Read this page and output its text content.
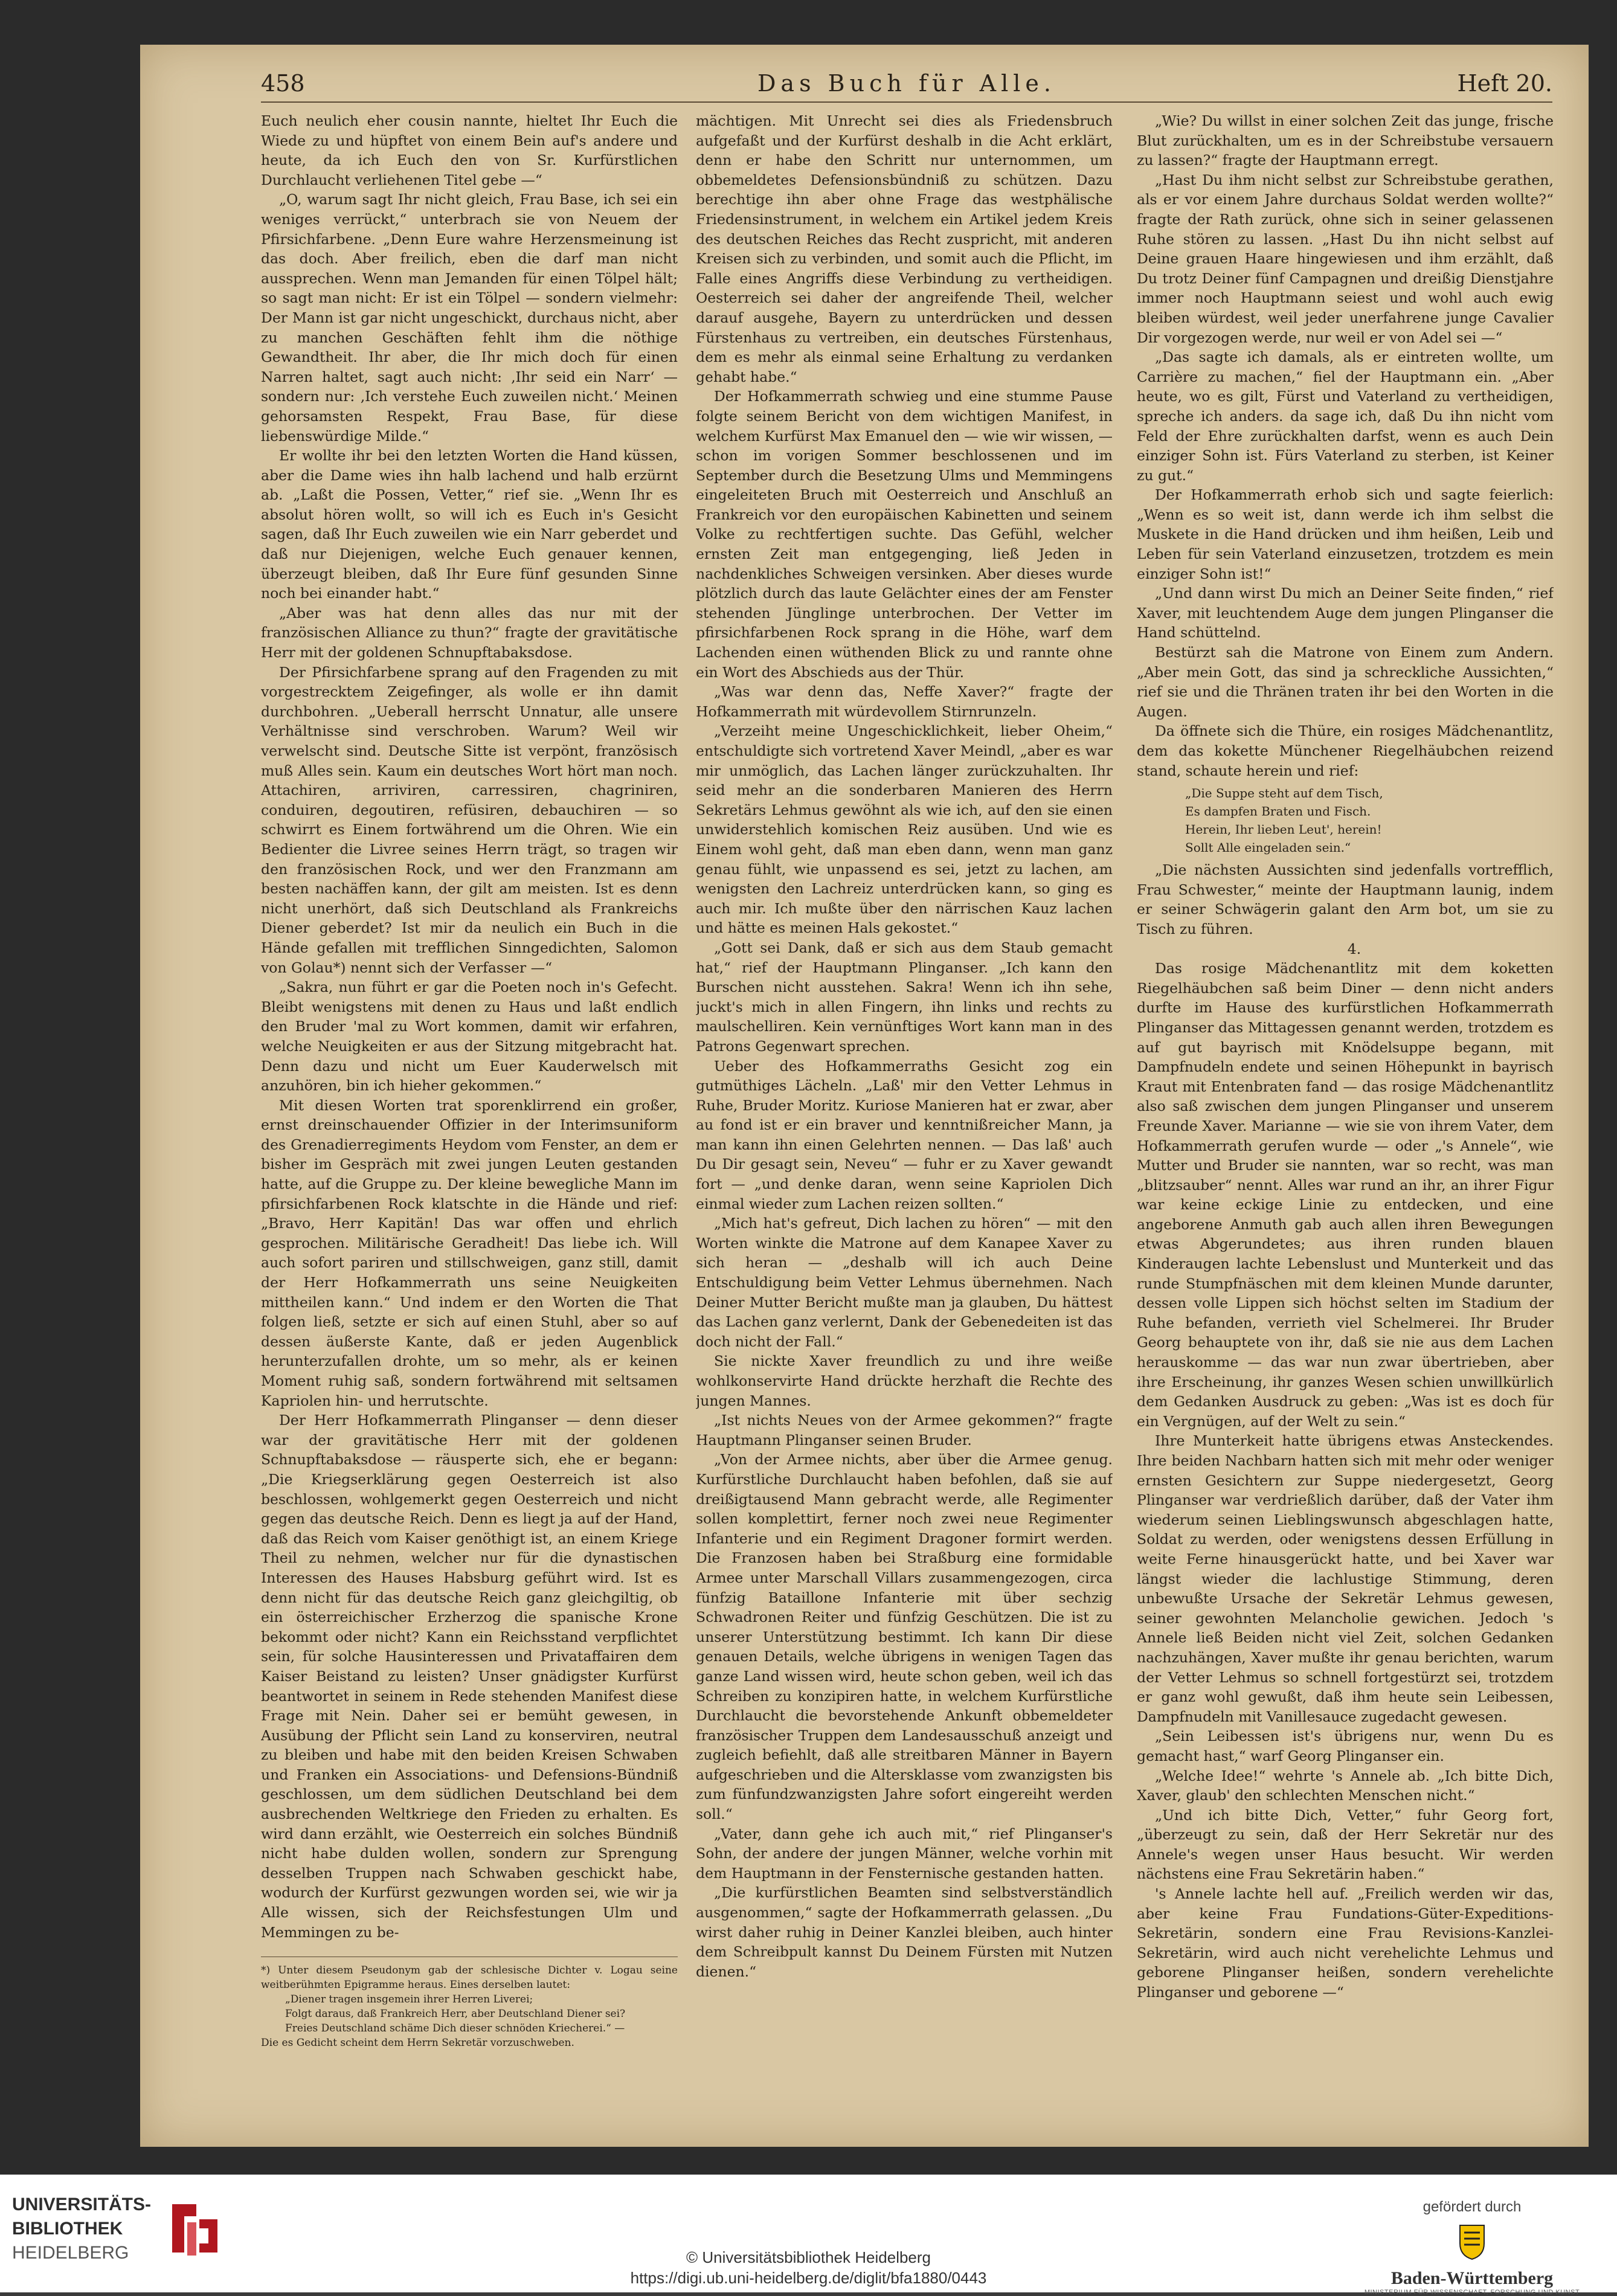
458	Das Buch für Alle.	Heft 20.

Euch neulich eher cousin nannte, hieltet Ihr Euch die Wiede zu und hüpftet von einem Bein auf's andere und heute, da ich Euch den von Sr. Kurfürstlichen Durchlaucht verliehenen Titel gebe —“

„O, warum sagt Ihr nicht gleich, Frau Base, ich sei ein weniges verrückt,“ unterbrach sie von Neuem der Pfirsichfarbene. „Denn Eure wahre Herzensmeinung ist das doch. Aber freilich, eben die darf man nicht aussprechen. Wenn man Jemanden für einen Tölpel hält; so sagt man nicht: Er ist ein Tölpel — sondern vielmehr: Der Mann ist gar nicht ungeschickt, durchaus nicht, aber zu manchen Geschäften fehlt ihm die nöthige Gewandtheit. Ihr aber, die Ihr mich doch für einen Narren haltet, sagt auch nicht: ‚Ihr seid ein Narr‘ — sondern nur: ‚Ich verstehe Euch zuweilen nicht.‘ Meinen gehorsamsten Respekt, Frau Base, für diese liebenswürdige Milde.“

Er wollte ihr bei den letzten Worten die Hand küssen, aber die Dame wies ihn halb lachend und halb erzürnt ab. „Laßt die Possen, Vetter,“ rief sie. „Wenn Ihr es absolut hören wollt, so will ich es Euch in's Gesicht sagen, daß Ihr Euch zuweilen wie ein Narr geberdet und daß nur Diejenigen, welche Euch genauer kennen, überzeugt bleiben, daß Ihr Eure fünf gesunden Sinne noch bei einander habt.“

„Aber was hat denn alles das nur mit der französischen Alliance zu thun?“ fragte der gravitätische Herr mit der goldenen Schnupftabaksdose.

Der Pfirsichfarbene sprang auf den Fragenden zu mit vorgestrecktem Zeigefinger, als wolle er ihn damit durchbohren. „Ueberall herrscht Unnatur, alle unsere Verhältnisse sind verschroben. Warum? Weil wir verwelscht sind. Deutsche Sitte ist verpönt, französisch muß Alles sein. Kaum ein deutsches Wort hört man noch. Attachiren, arriviren, carressiren, chagriniren, conduiren, degoutiren, refüsiren, debauchiren — so schwirrt es Einem fortwährend um die Ohren. Wie ein Bedienter die Livree seines Herrn trägt, so tragen wir den französischen Rock, und wer den Franzmann am besten nachäffen kann, der gilt am meisten. Ist es denn nicht unerhört, daß sich Deutschland als Frankreichs Diener geberdet? Ist mir da neulich ein Buch in die Hände gefallen mit trefflichen Sinngedichten, Salomon von Golau*) nennt sich der Verfasser —“

„Sakra, nun führt er gar die Poeten noch in's Gefecht. Bleibt wenigstens mit denen zu Haus und laßt endlich den Bruder 'mal zu Wort kommen, damit wir erfahren, welche Neuigkeiten er aus der Sitzung mitgebracht hat. Denn dazu und nicht um Euer Kauderwelsch mit anzuhören, bin ich hieher gekommen.“

Mit diesen Worten trat sporenklirrend ein großer, ernst dreinschauender Offizier in der Interimsuniform des Grenadierregiments Heydom vom Fenster, an dem er bisher im Gespräch mit zwei jungen Leuten gestanden hatte, auf die Gruppe zu. Der kleine bewegliche Mann im pfirsichfarbenen Rock klatschte in die Hände und rief: „Bravo, Herr Kapitän! Das war offen und ehrlich gesprochen. Militärische Geradheit! Das liebe ich. Will auch sofort pariren und stillschweigen, ganz still, damit der Herr Hofkammerrath uns seine Neuigkeiten mittheilen kann.“ Und indem er den Worten die That folgen ließ, setzte er sich auf einen Stuhl, aber so auf dessen äußerste Kante, daß er jeden Augenblick herunterzufallen drohte, um so mehr, als er keinen Moment ruhig saß, sondern fortwährend mit seltsamen Kapriolen hin- und herrutschte.

Der Herr Hofkammerrath Plinganser — denn dieser war der gravitätische Herr mit der goldenen Schnupftabaksdose — räusperte sich, ehe er begann: „Die Kriegserklärung gegen Oesterreich ist also beschlossen, wohlgemerkt gegen Oesterreich und nicht gegen das deutsche Reich. Denn es liegt ja auf der Hand, daß das Reich vom Kaiser genöthigt ist, an einem Kriege Theil zu nehmen, welcher nur für die dynastischen Interessen des Hauses Habsburg geführt wird. Ist es denn nicht für das deutsche Reich ganz gleichgiltig, ob ein österreichischer Erzherzog die spanische Krone bekommt oder nicht? Kann ein Reichsstand verpflichtet sein, für solche Hausinteressen und Privataffairen dem Kaiser Beistand zu leisten? Unser gnädigster Kurfürst beantwortet in seinem in Rede stehenden Manifest diese Frage mit Nein. Daher sei er bemüht gewesen, in Ausübung der Pflicht sein Land zu konserviren, neutral zu bleiben und habe mit den beiden Kreisen Schwaben und Franken ein Associations- und Defensions-Bündniß geschlossen, um dem südlichen Deutschland bei dem ausbrechenden Weltkriege den Frieden zu erhalten. Es wird dann erzählt, wie Oesterreich ein solches Bündniß nicht habe dulden wollen, sondern zur Sprengung desselben Truppen nach Schwaben geschickt habe, wodurch der Kurfürst gezwungen worden sei, wie wir ja Alle wissen, sich der Reichsfestungen Ulm und Memmingen zu be-

*) Unter diesem Pseudonym gab der schlesische Dichter v. Logau seine weitberühmten Epigramme heraus. Eines derselben lautet:
„Diener tragen insgemein ihrer Herren Liverei;
Folgt daraus, daß Frankreich Herr, aber Deutschland Diener sei?
Freies Deutschland schäme Dich dieser schnöden Kriecherei.“ —
Die es Gedicht scheint dem Herrn Sekretär vorzuschweben.

mächtigen. Mit Unrecht sei dies als Friedensbruch aufgefaßt und der Kurfürst deshalb in die Acht erklärt, denn er habe den Schritt nur unternommen, um obbemeldetes Defensionsbündniß zu schützen. Dazu berechtige ihn aber ohne Frage das westphälische Friedensinstrument, in welchem ein Artikel jedem Kreis des deutschen Reiches das Recht zuspricht, mit anderen Kreisen sich zu verbinden, und somit auch die Pflicht, im Falle eines Angriffs diese Verbindung zu vertheidigen. Oesterreich sei daher der angreifende Theil, welcher darauf ausgehe, Bayern zu unterdrücken und dessen Fürstenhaus zu vertreiben, ein deutsches Fürstenhaus, dem es mehr als einmal seine Erhaltung zu verdanken gehabt habe.“

Der Hofkammerrath schwieg und eine stumme Pause folgte seinem Bericht von dem wichtigen Manifest, in welchem Kurfürst Max Emanuel den — wie wir wissen, — schon im vorigen Sommer beschlossenen und im September durch die Besetzung Ulms und Memmingens eingeleiteten Bruch mit Oesterreich und Anschluß an Frankreich vor den europäischen Kabinetten und seinem Volke zu rechtfertigen suchte. Das Gefühl, welcher ernsten Zeit man entgegenging, ließ Jeden in nachdenkliches Schweigen versinken. Aber dieses wurde plötzlich durch das laute Gelächter eines der am Fenster stehenden Jünglinge unterbrochen. Der Vetter im pfirsichfarbenen Rock sprang in die Höhe, warf dem Lachenden einen wüthenden Blick zu und rannte ohne ein Wort des Abschieds aus der Thür.

„Was war denn das, Neffe Xaver?“ fragte der Hofkammerrath mit würdevollem Stirnrunzeln.

„Verzeiht meine Ungeschicklichkeit, lieber Oheim,“ entschuldigte sich vortretend Xaver Meindl, „aber es war mir unmöglich, das Lachen länger zurückzuhalten. Ihr seid mehr an die sonderbaren Manieren des Herrn Sekretärs Lehmus gewöhnt als wie ich, auf den sie einen unwiderstehlich komischen Reiz ausüben. Und wie es Einem wohl geht, daß man eben dann, wenn man ganz genau fühlt, wie unpassend es sei, jetzt zu lachen, am wenigsten den Lachreiz unterdrücken kann, so ging es auch mir. Ich mußte über den närrischen Kauz lachen und hätte es meinen Hals gekostet.“

„Gott sei Dank, daß er sich aus dem Staub gemacht hat,“ rief der Hauptmann Plinganser. „Ich kann den Burschen nicht ausstehen. Sakra! Wenn ich ihn sehe, juckt's mich in allen Fingern, ihn links und rechts zu maulschelliren. Kein vernünftiges Wort kann man in des Patrons Gegenwart sprechen.

Ueber des Hofkammerraths Gesicht zog ein gutmüthiges Lächeln. „Laß' mir den Vetter Lehmus in Ruhe, Bruder Moritz. Kuriose Manieren hat er zwar, aber au fond ist er ein braver und kenntnißreicher Mann, ja man kann ihn einen Gelehrten nennen. — Das laß' auch Du Dir gesagt sein, Neveu“ — fuhr er zu Xaver gewandt fort — „und denke daran, wenn seine Kapriolen Dich einmal wieder zum Lachen reizen sollten.“

„Mich hat's gefreut, Dich lachen zu hören“ — mit den Worten winkte die Matrone auf dem Kanapee Xaver zu sich heran — „deshalb will ich auch Deine Entschuldigung beim Vetter Lehmus übernehmen. Nach Deiner Mutter Bericht mußte man ja glauben, Du hättest das Lachen ganz verlernt, Dank der Gebenedeiten ist das doch nicht der Fall.“

Sie nickte Xaver freundlich zu und ihre weiße wohlkonservirte Hand drückte herzhaft die Rechte des jungen Mannes.

„Ist nichts Neues von der Armee gekommen?“ fragte Hauptmann Plinganser seinen Bruder.

„Von der Armee nichts, aber über die Armee genug. Kurfürstliche Durchlaucht haben befohlen, daß sie auf dreißigtausend Mann gebracht werde, alle Regimenter sollen komplettirt, ferner noch zwei neue Regimenter Infanterie und ein Regiment Dragoner formirt werden. Die Franzosen haben bei Straßburg eine formidable Armee unter Marschall Villars zusammengezogen, circa fünfzig Bataillone Infanterie mit über sechzig Schwadronen Reiter und fünfzig Geschützen. Die ist zu unserer Unterstützung bestimmt. Ich kann Dir diese genauen Details, welche übrigens in wenigen Tagen das ganze Land wissen wird, heute schon geben, weil ich das Schreiben zu konzipiren hatte, in welchem Kurfürstliche Durchlaucht die bevorstehende Ankunft obbemeldeter französischer Truppen dem Landesausschuß anzeigt und zugleich befiehlt, daß alle streitbaren Männer in Bayern aufgeschrieben und die Altersklasse vom zwanzigsten bis zum fünfundzwanzigsten Jahre sofort eingereiht werden soll.“

„Vater, dann gehe ich auch mit,“ rief Plinganser's Sohn, der andere der jungen Männer, welche vorhin mit dem Hauptmann in der Fensternische gestanden hatten.

„Die kurfürstlichen Beamten sind selbstverständlich ausgenommen,“ sagte der Hofkammerrath gelassen. „Du wirst daher ruhig in Deiner Kanzlei bleiben, auch hinter dem Schreibpult kannst Du Deinem Fürsten mit Nutzen dienen.“

„Wie? Du willst in einer solchen Zeit das junge, frische Blut zurückhalten, um es in der Schreibstube versauern zu lassen?“ fragte der Hauptmann erregt.

„Hast Du ihm nicht selbst zur Schreibstube gerathen, als er vor einem Jahre durchaus Soldat werden wollte?“ fragte der Rath zurück, ohne sich in seiner gelassenen Ruhe stören zu lassen. „Hast Du ihn nicht selbst auf Deine grauen Haare hingewiesen und ihm erzählt, daß Du trotz Deiner fünf Campagnen und dreißig Dienstjahre immer noch Hauptmann seiest und wohl auch ewig bleiben würdest, weil jeder unerfahrene junge Cavalier Dir vorgezogen werde, nur weil er von Adel sei —“

„Das sagte ich damals, als er eintreten wollte, um Carrière zu machen,“ fiel der Hauptmann ein. „Aber heute, wo es gilt, Fürst und Vaterland zu vertheidigen, spreche ich anders. da sage ich, daß Du ihn nicht vom Feld der Ehre zurückhalten darfst, wenn es auch Dein einziger Sohn ist. Fürs Vaterland zu sterben, ist Keiner zu gut.“

Der Hofkammerrath erhob sich und sagte feierlich: „Wenn es so weit ist, dann werde ich ihm selbst die Muskete in die Hand drücken und ihm heißen, Leib und Leben für sein Vaterland einzusetzen, trotzdem es mein einziger Sohn ist!“

„Und dann wirst Du mich an Deiner Seite finden,“ rief Xaver, mit leuchtendem Auge dem jungen Plinganser die Hand schüttelnd.

Bestürzt sah die Matrone von Einem zum Andern. „Aber mein Gott, das sind ja schreckliche Aussichten,“ rief sie und die Thränen traten ihr bei den Worten in die Augen.

Da öffnete sich die Thüre, ein rosiges Mädchenantlitz, dem das kokette Münchener Riegelhäubchen reizend stand, schaute herein und rief:

„Die Suppe steht auf dem Tisch,
Es dampfen Braten und Fisch.
Herein, Ihr lieben Leut', herein!
Sollt Alle eingeladen sein.“

„Die nächsten Aussichten sind jedenfalls vortrefflich, Frau Schwester,“ meinte der Hauptmann launig, indem er seiner Schwägerin galant den Arm bot, um sie zu Tisch zu führen.

4.

Das rosige Mädchenantlitz mit dem koketten Riegelhäubchen saß beim Diner — denn nicht anders durfte im Hause des kurfürstlichen Hofkammerrath Plinganser das Mittagessen genannt werden, trotzdem es auf gut bayrisch mit Knödelsuppe begann, mit Dampfnudeln endete und seinen Höhepunkt in bayrisch Kraut mit Entenbraten fand — das rosige Mädchenantlitz also saß zwischen dem jungen Plinganser und unserem Freunde Xaver. Marianne — wie sie von ihrem Vater, dem Hofkammerrath gerufen wurde — oder „'s Annele“, wie Mutter und Bruder sie nannten, war so recht, was man „blitzsauber“ nennt. Alles war rund an ihr, an ihrer Figur war keine eckige Linie zu entdecken, und eine angeborene Anmuth gab auch allen ihren Bewegungen etwas Abgerundetes; aus ihren runden blauen Kinderaugen lachte Lebenslust und Munterkeit und das runde Stumpfnäschen mit dem kleinen Munde darunter, dessen volle Lippen sich höchst selten im Stadium der Ruhe befanden, verrieth viel Schelmerei. Ihr Bruder Georg behauptete von ihr, daß sie nie aus dem Lachen herauskomme — das war nun zwar übertrieben, aber ihre Erscheinung, ihr ganzes Wesen schien unwillkürlich dem Gedanken Ausdruck zu geben: „Was ist es doch für ein Vergnügen, auf der Welt zu sein.“

Ihre Munterkeit hatte übrigens etwas Ansteckendes. Ihre beiden Nachbarn hatten sich mit mehr oder weniger ernsten Gesichtern zur Suppe niedergesetzt, Georg Plinganser war verdrießlich darüber, daß der Vater ihm wiederum seinen Lieblingswunsch abgeschlagen hatte, Soldat zu werden, oder wenigstens dessen Erfüllung in weite Ferne hinausgerückt hatte, und bei Xaver war längst wieder die lachlustige Stimmung, deren unbewußte Ursache der Sekretär Lehmus gewesen, seiner gewohnten Melancholie gewichen. Jedoch 's Annele ließ Beiden nicht viel Zeit, solchen Gedanken nachzuhängen, Xaver mußte ihr genau berichten, warum der Vetter Lehmus so schnell fortgestürzt sei, trotzdem er ganz wohl gewußt, daß ihm heute sein Leibessen, Dampfnudeln mit Vanillesauce zugedacht gewesen.

„Sein Leibessen ist's übrigens nur, wenn Du es gemacht hast,“ warf Georg Plinganser ein.

„Welche Idee!“ wehrte 's Annele ab. „Ich bitte Dich, Xaver, glaub' den schlechten Menschen nicht.“

„Und ich bitte Dich, Vetter,“ fuhr Georg fort, „überzeugt zu sein, daß der Herr Sekretär nur des Annele's wegen unser Haus besucht. Wir werden nächstens eine Frau Sekretärin haben.“

's Annele lachte hell auf. „Freilich werden wir das, aber keine Frau Fundations-Güter-Expeditions-Sekretärin, sondern eine Frau Revisions-Kanzlei-Sekretärin, wird auch nicht verehelichte Lehmus und geborene Plinganser heißen, sondern verehelichte Plinganser und geborene —“

UNIVERSITÄTS-
BIBLIOTHEK
HEIDELBERG	© Universitätsbibliothek Heidelberg
https://digi.ub.uni-heidelberg.de/diglit/bfa1880/0443
gefördert durch
Baden-Württemberg
MINISTERIUM FÜR WISSENSCHAFT, FORSCHUNG UND KUNST
